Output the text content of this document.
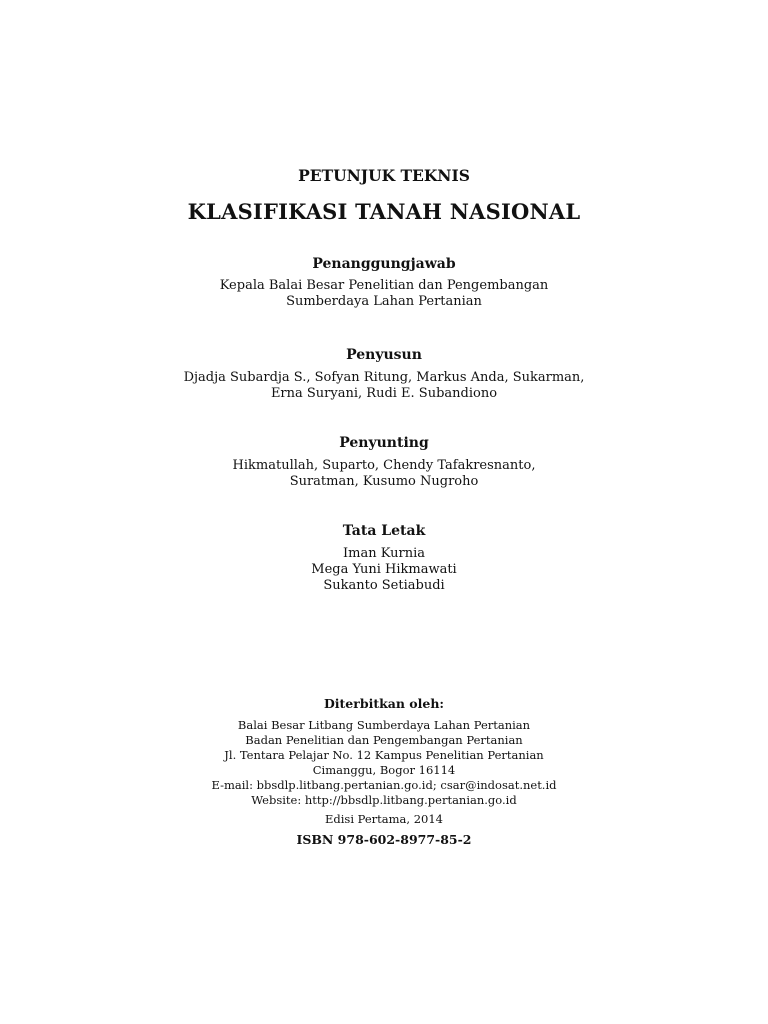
PETUNJUK TEKNIS
KLASIFIKASI TANAH NASIONAL
Penanggungjawab
Kepala Balai Besar Penelitian dan Pengembangan
Sumberdaya Lahan Pertanian
Penyusun
Djadja Subardja S., Sofyan Ritung, Markus Anda, Sukarman,
Erna Suryani, Rudi E. Subandiono
Penyunting
Hikmatullah, Suparto, Chendy Tafakresnanto,
Suratman, Kusumo Nugroho
Tata Letak
Iman Kurnia
Mega Yuni Hikmawati
Sukanto Setiabudi
Diterbitkan oleh:
Balai Besar Litbang Sumberdaya Lahan Pertanian
Badan Penelitian dan Pengembangan Pertanian
Jl. Tentara Pelajar No. 12 Kampus Penelitian Pertanian
Cimanggu, Bogor 16114
E-mail: bbsdlp.litbang.pertanian.go.id; csar@indosat.net.id
Website: http://bbsdlp.litbang.pertanian.go.id
Edisi Pertama, 2014
ISBN 978-602-8977-85-2
